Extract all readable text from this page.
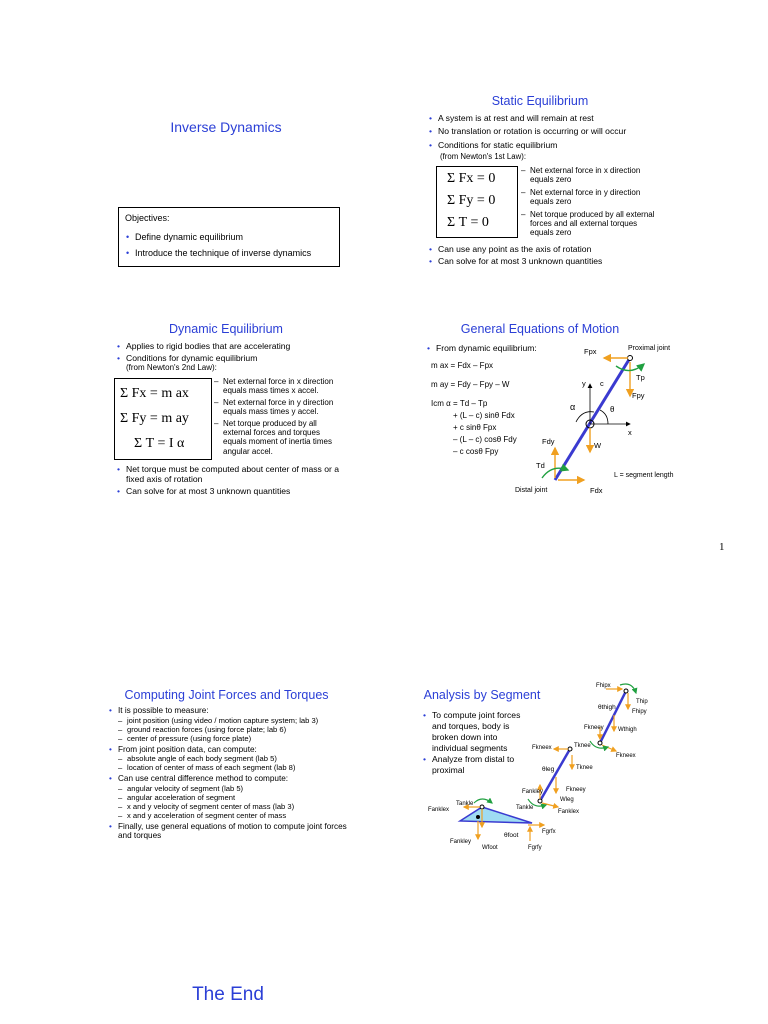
Inverse Dynamics
Objectives:
• Define dynamic equilibrium
• Introduce the technique of inverse dynamics
Static Equilibrium
• A system is at rest and will remain at rest
• No translation or rotation is occurring or will occur
• Conditions for static equilibrium
(from Newton's 1st Law):
Σ Fx = 0
Σ Fy = 0
Σ T = 0
– Net external force in x direction equals zero
– Net external force in y direction equals zero
– Net torque produced by all external forces and all external torques equals zero
• Can use any point as the axis of rotation
• Can solve for at most 3 unknown quantities
Dynamic Equilibrium
• Applies to rigid bodies that are accelerating
• Conditions for dynamic equilibrium
(from Newton's 2nd Law):
Σ Fx = m ax
Σ Fy = m ay
Σ T = I α
– Net external force in x direction equals mass times x accel.
– Net external force in y direction equals mass times y accel.
– Net torque produced by all external forces and torques equals moment of inertia times angular accel.
• Net torque must be computed about center of mass or a fixed axis of rotation
• Can solve for at most 3 unknown quantities
General Equations of Motion
• From dynamic equilibrium:
m ax = Fdx – Fpx
m ay = Fdy – Fpy – W
Icm α = Td – Tp
+ (L – c) sinθ Fdx
+ c sinθ Fpx
– (L – c) cosθ Fdy
– c cosθ Fpy
Proximal joint
Distal joint
L = segment length
Fpx
Fpy
Fdx
Fdy
Tp
Td
W
c
x
y
α	θ
1
Computing Joint Forces and Torques
• It is possible to measure:
– joint position (using video / motion capture system; lab 3)
– ground reaction forces (using force plate; lab 6)
– center of pressure (using force plate)
• From joint position data, can compute:
– absolute angle of each body segment (lab 5)
– location of center of mass of each segment (lab 8)
• Can use central difference method to compute:
– angular velocity of segment (lab 5)
– angular acceleration of segment
– x and y velocity of segment center of mass (lab 3)
– x and y acceleration of segment center of mass
• Finally, use general equations of motion to compute joint forces and torques
Analysis by Segment
• To compute joint forces and torques, body is broken down into individual segments
• Analyze from distal to proximal
Fhipx
Thip
θthigh
Fhipy
Fkneey Wthigh
Tknee
Fkneex
Fkneex
θleg	Tknee
Fankley	Fkneey
Wleg
Tankle
Fanklex
Fanklex
Tankle
θfoot	Fgrfx
Fankley
Wfoot	Fgrfy
The End
